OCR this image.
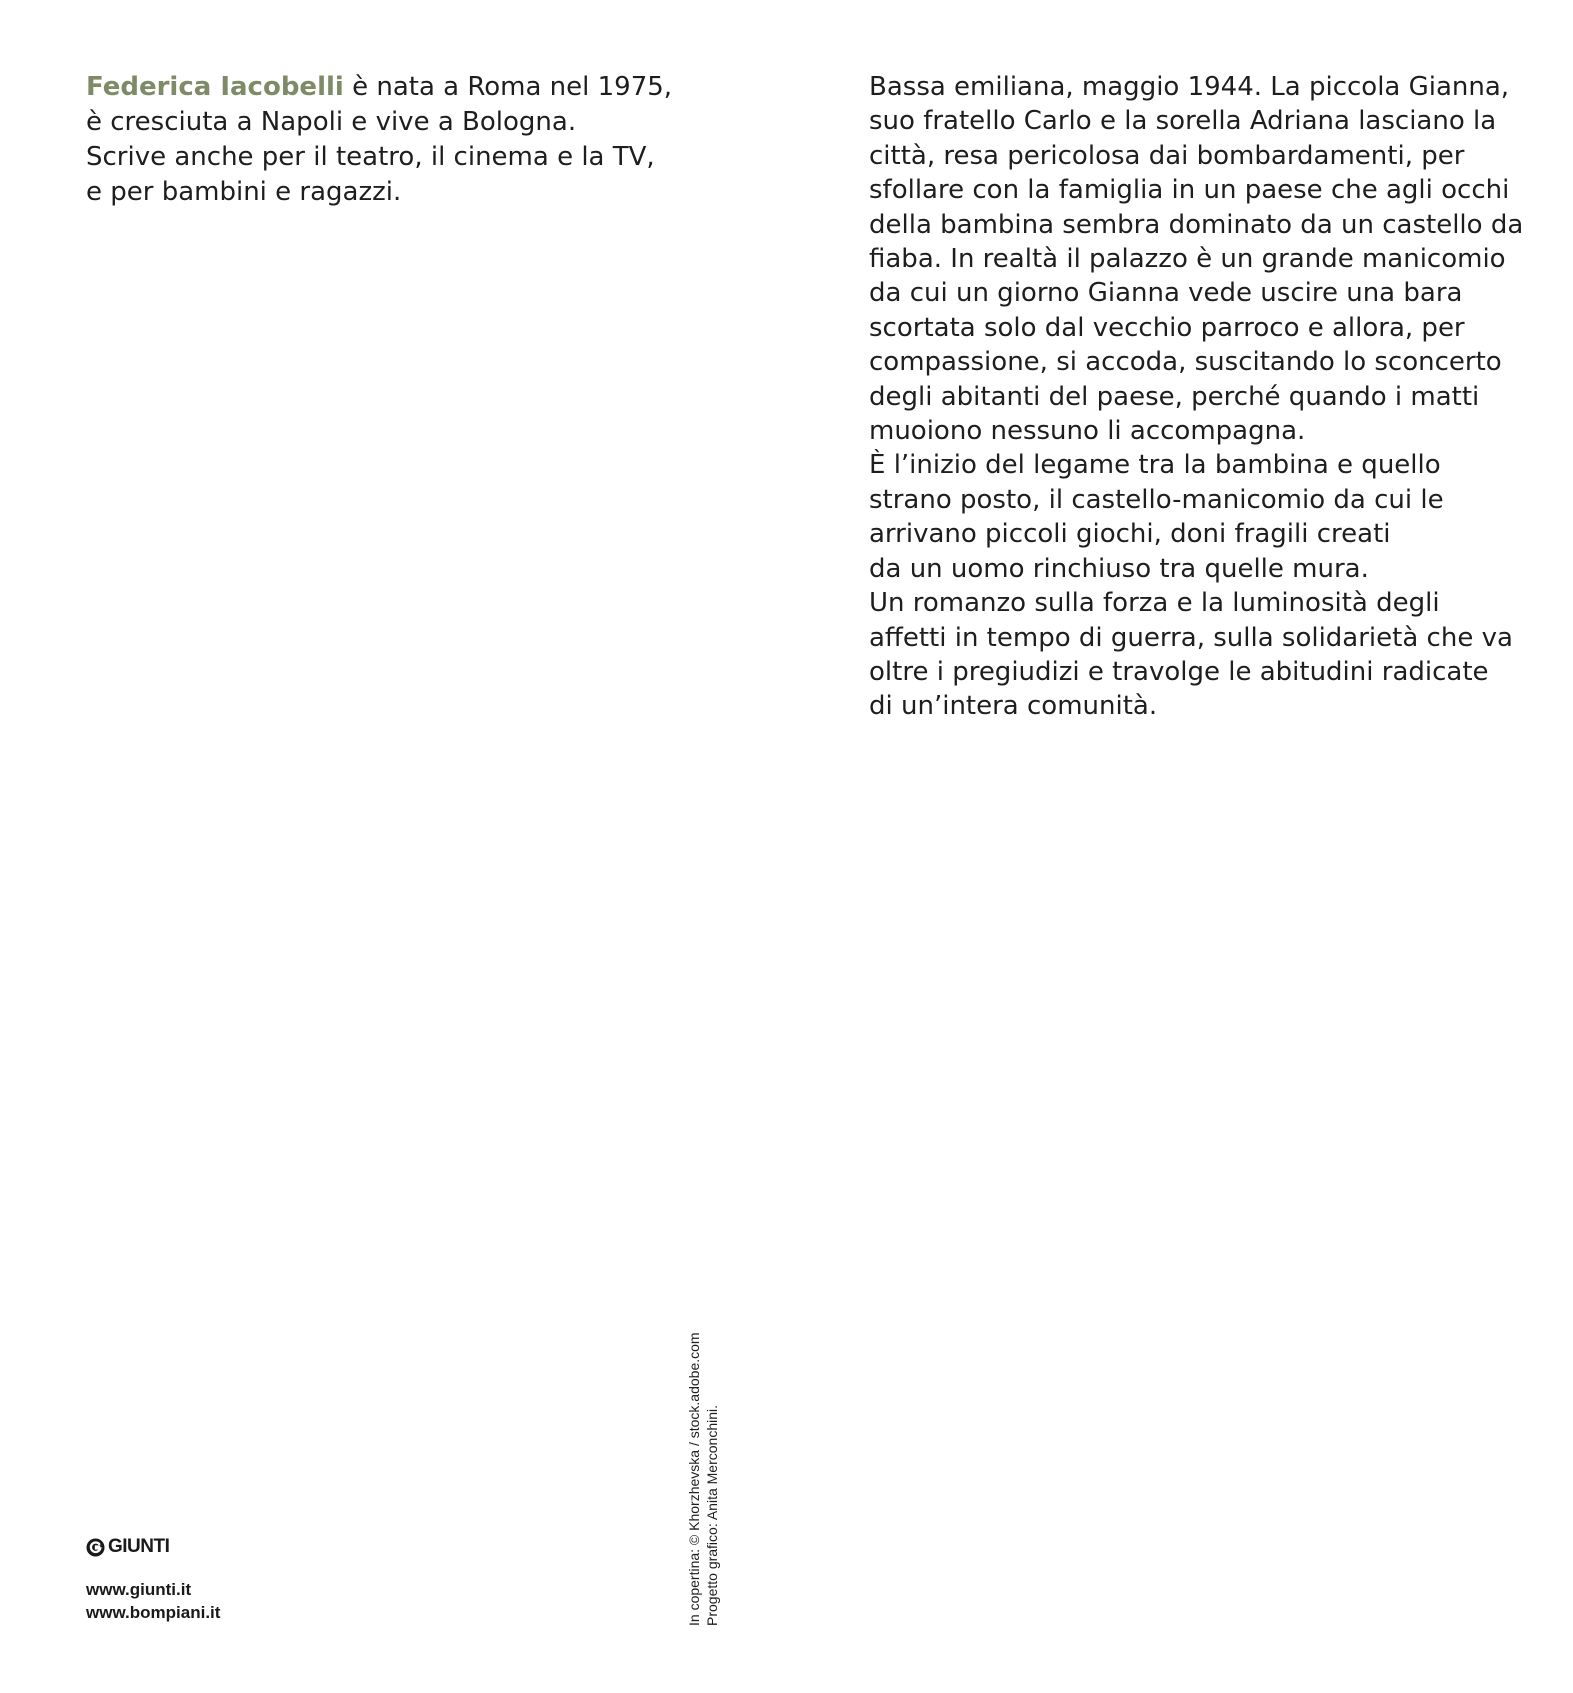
Federica Iacobelli è nata a Roma nel 1975,
è cresciuta a Napoli e vive a Bologna.
Scrive anche per il teatro, il cinema e la TV,
e per bambini e ragazzi.
Bassa emiliana, maggio 1944. La piccola Gianna,
suo fratello Carlo e la sorella Adriana lasciano la
città, resa pericolosa dai bombardamenti, per
sfollare con la famiglia in un paese che agli occhi
della bambina sembra dominato da un castello da
fiaba. In realtà il palazzo è un grande manicomio
da cui un giorno Gianna vede uscire una bara
scortata solo dal vecchio parroco e allora, per
compassione, si accoda, suscitando lo sconcerto
degli abitanti del paese, perché quando i matti
muoiono nessuno li accompagna.
È l’inizio del legame tra la bambina e quello
strano posto, il castello-manicomio da cui le
arrivano piccoli giochi, doni fragili creati
da un uomo rinchiuso tra quelle mura.
Un romanzo sulla forza e la luminosità degli
affetti in tempo di guerra, sulla solidarietà che va
oltre i pregiudizi e travolge le abitudini radicate
di un’intera comunità.
In copertina: © Khorzhevska / stock.adobe.com Progetto grafico: Anita Merconchini.
GIUNTI
www.giunti.it
www.bompiani.it
